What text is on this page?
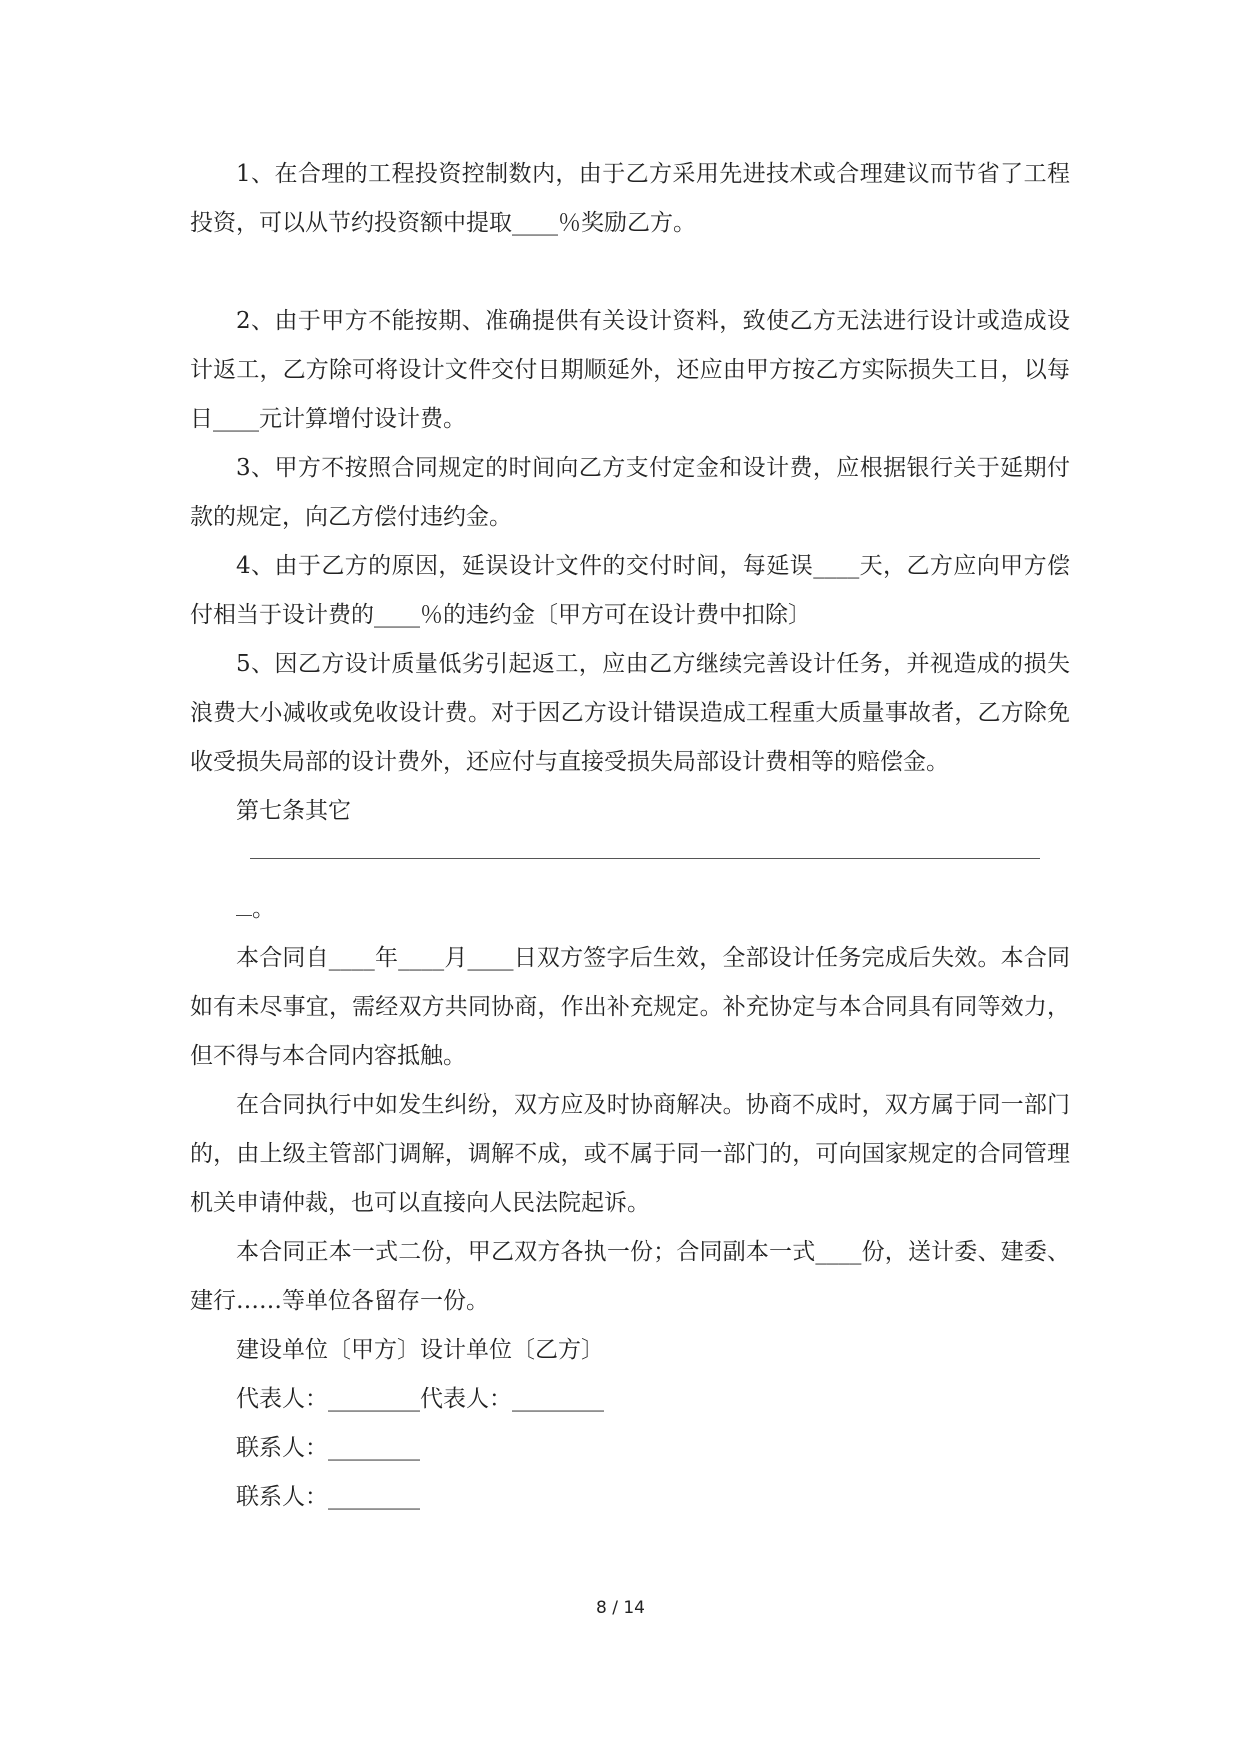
1、在合理的工程投资控制数内，由于乙方采用先进技术或合理建议而节省了工程投资，可以从节约投资额中提取____％奖励乙方。

2、由于甲方不能按期、准确提供有关设计资料，致使乙方无法进行设计或造成设计返工，乙方除可将设计文件交付日期顺延外，还应由甲方按乙方实际损失工日，以每日____元计算增付设计费。

3、甲方不按照合同规定的时间向乙方支付定金和设计费，应根据银行关于延期付款的规定，向乙方偿付违约金。

4、由于乙方的原因，延误设计文件的交付时间，每延误____天，乙方应向甲方偿付相当于设计费的____％的违约金〔甲方可在设计费中扣除〕

5、因乙方设计质量低劣引起返工，应由乙方继续完善设计任务，并视造成的损失浪费大小减收或免收设计费。对于因乙方设计错误造成工程重大质量事故者，乙方除免收受损失局部的设计费外，还应付与直接受损失局部设计费相等的赔偿金。

第七条其它

。

本合同自____年____月____日双方签字后生效，全部设计任务完成后失效。本合同如有未尽事宜，需经双方共同协商，作出补充规定。补充协定与本合同具有同等效力，但不得与本合同内容抵触。

在合同执行中如发生纠纷，双方应及时协商解决。协商不成时，双方属于同一部门的，由上级主管部门调解，调解不成，或不属于同一部门的，可向国家规定的合同管理机关申请仲裁，也可以直接向人民法院起诉。

本合同正本一式二份，甲乙双方各执一份；合同副本一式____份，送计委、建委、建行……等单位各留存一份。

建设单位〔甲方〕设计单位〔乙方〕

代表人：________代表人：________

联系人：________

联系人：________

8 / 14
